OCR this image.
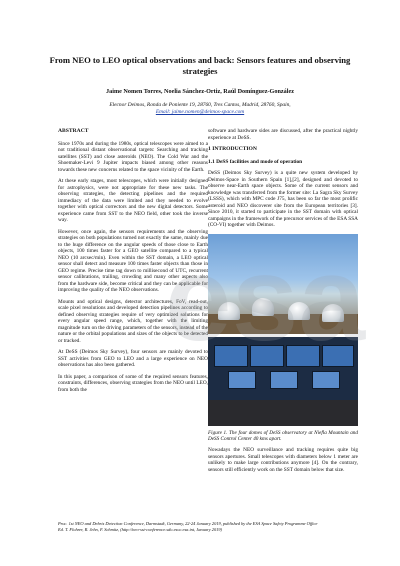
From NEO to LEO optical observations and back: Sensors features and observing strategies
Jaime Nomen Torres, Noelia Sánchez-Ortiz, Raúl Domínguez-González
Elecnor Deimos, Ronda de Poniente 19, 28760, Tres Cantos, Madrid, 28760, Spain,
Email: jaime.nomen@deimos-space.com
ABSTRACT

Since 1970s and during the 1980s, optical telescopes were aimed to a not traditional distant observational targets: Searching and tracking satellites (SST) and close asteroids (NEO). The Cold War and the Shoemaker-Levi 9 Jupiter impacts biased among other reasons towards these new concerns related to the space vicinity of the Earth.

At these early stages, most telescopes, which were initially designed for astrophysics, were not appropriate for these new tasks. The observing strategies, the detecting pipelines and the required immediacy of the data were limited and they needed to evolve together with optical correctors and the new digital detectors. Some experience came from SST to the NEO field, other took the inverse way.

However, once again, the sensors requirements and the observing strategies on both populations turned not exactly the same, mainly due to the huge difference on the angular speeds of those close to Earth objects, 100 times faster for a GEO satellite compared to a typical NEO (10 arcsec/min). Even within the SST domain, a LEO optical sensor shall detect and measure 100 times faster objects than those in GEO regime. Precise time tag down to millisecond of UTC, recurrent sensor calibrations, trailing, crowding and many other aspects also from the hardware side, become critical and they can be applicable for improving the quality of the NEO observations.

Mounts and optical designs, detector architectures, FoV, read-out, scale pixel resolutions and developed detection pipelines according to defined observing strategies require of very optimized solutions for every angular speed range, which, together with the limiting magnitude turn on the driving parameters of the sensors, instead of the nature or the orbital populations and sizes of the objects to be detected or tracked.

At DeSS (Deimos Sky Survey), four sensors are mainly devoted to SST activities from GEO to LEO and a large experience on NEO observations has also been gathered.

In this paper, a comparison of some of the required sensors features, constraints, differences, observing strategies from the NEO until LEO, from both the

software and hardware sides are discussed, after the practical nightly experience at DeSS.

1 INTRODUCTION
1.1 DeSS facilities and mode of operation

DeSS (Deimos Sky Survey) is a quite new system developed by Deimos-Space in Southern Spain [1],[2], designed and devoted to observe near-Earth space objects. Some of the current sensors and knowledge was transferred from the former site: La Sagra Sky Survey (LSSS), which with MPC code J75, has been so far the most prolific asteroid and NEO discoverer site from the European territories [3]. Since 2010, it started to participate in the SST domain with optical campaigns in the framework of the precursor services of the ESA SSA (CO-VI) together with Deimos.

Figure 1. The four domes of DeSS observatory at Niefla Mountain and DeSS Control Center 40 kms apart.

Nowadays the NEO surveillance and tracking requires quite big sensors apertures. Small telescopes with diameters below 1 meter are unlikely to make large contributions anymore [4]. On the contrary, sensors still efficiently work on the SST domain below that size.

esa
Proc. 1st NEO and Debris Detection Conference, Darmstadt, Germany, 22-24 January 2019, published by the ESA Space Safety Programme Office
Ed. T. Flohrer, R. Jehn, F. Schmitz, (http://neo-sst-conference.sdo.esoc.esa.int, January 2019)
